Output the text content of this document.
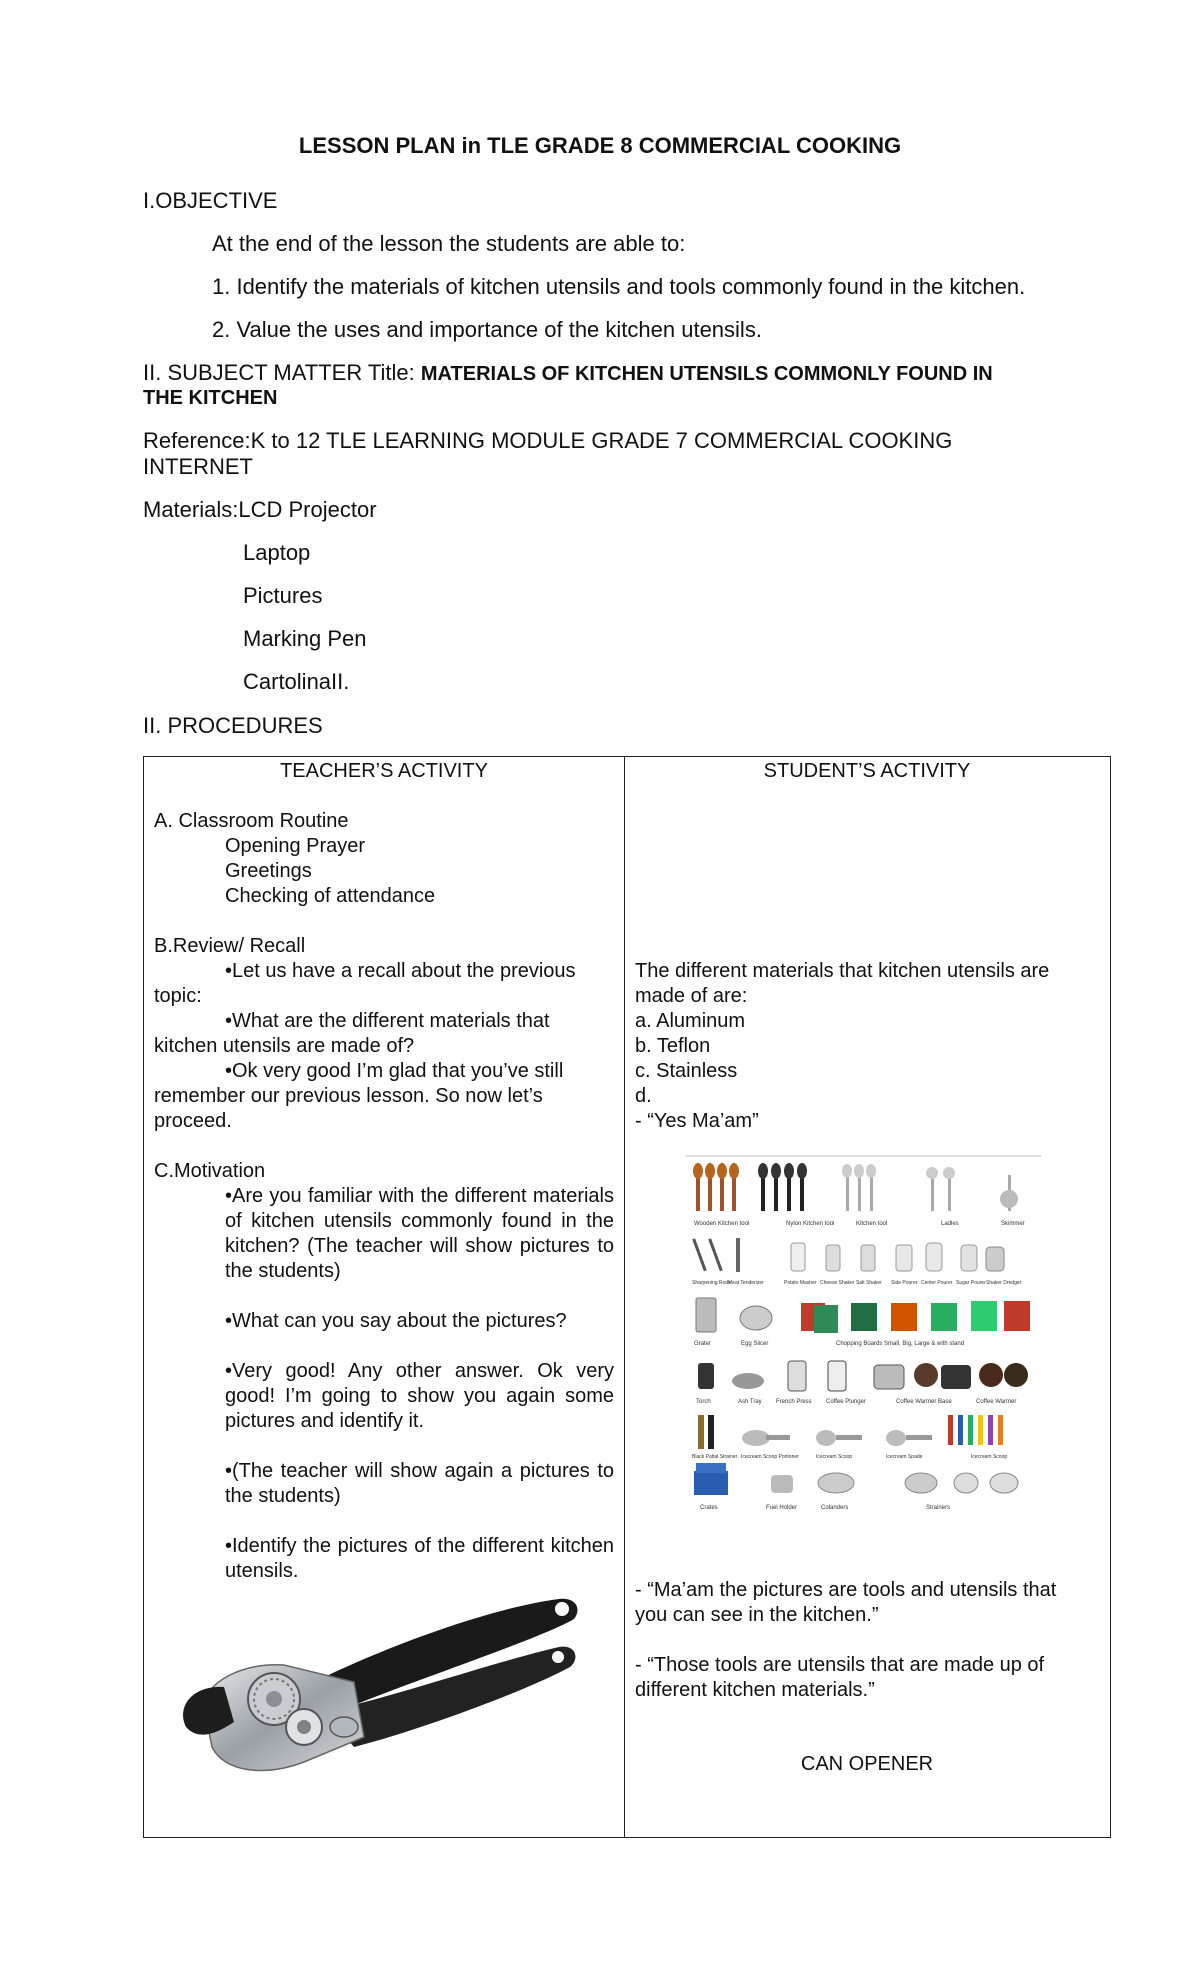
LESSON PLAN in TLE GRADE 8 COMMERCIAL COOKING
I.OBJECTIVE
At the end of the lesson the students are able to:
1. Identify the materials of kitchen utensils and tools commonly found in the kitchen.
2. Value the uses and importance of the kitchen utensils.
II. SUBJECT MATTER Title: MATERIALS OF KITCHEN UTENSILS COMMONLY FOUND IN
THE KITCHEN
Reference:K to 12 TLE LEARNING MODULE GRADE 7 COMMERCIAL COOKING
INTERNET
Materials:LCD Projector
Laptop
Pictures
Marking Pen
CartolinaII.
II. PROCEDURES
TEACHER’S ACTIVITY
A. Classroom Routine
Opening Prayer
Greetings
Checking of attendance
B.Review/ Recall
•Let us have a recall about the previous
topic:
•What are the different materials that
kitchen utensils are made of?
•Ok very good I’m glad that you’ve still
remember our previous lesson. So now let’s
proceed.
C.Motivation
•Are you familiar with the different materials of kitchen utensils commonly found in the kitchen? (The teacher will show pictures to the students)
•What can you say about the pictures?
•Very good! Any other answer. Ok very good! I’m going to show you again some pictures and identify it.
•(The teacher will show again a pictures to the students)
•Identify the pictures of the different kitchen utensils.
STUDENT’S ACTIVITY
The different materials that kitchen utensils are
made of are:
a. Aluminum
b. Teflon
c. Stainless
d.
- “Yes Ma’am”
Wooden Kitchen tool	Nylon Kitchen tool	Kitchen tool	Ladles	Skimmer
Sharpening Rods
Meat Tenderizer	Potato Masher Cheese Shaker Salt Shaker Side Pourer Center Pourer Sugar Pourer Shaker Dredger
Grater	Egg Slicer	Chopping Boards Small, Big, Large & with stand
Torch	Ash Tray French Press Coffee Plunger	Coffee Warmer Base	Coffee Warmer
Black Pattal Strainer Icecream Scoop Portioner	Icecream Scoop	Icecream Spade	Icecream Scoop
Crates	Fuel Holder	Colanders	Strainers
- “Ma’am the pictures are tools and utensils that
you can see in the kitchen.”
- “Those tools are utensils that are made up of
different kitchen materials.”
CAN OPENER
